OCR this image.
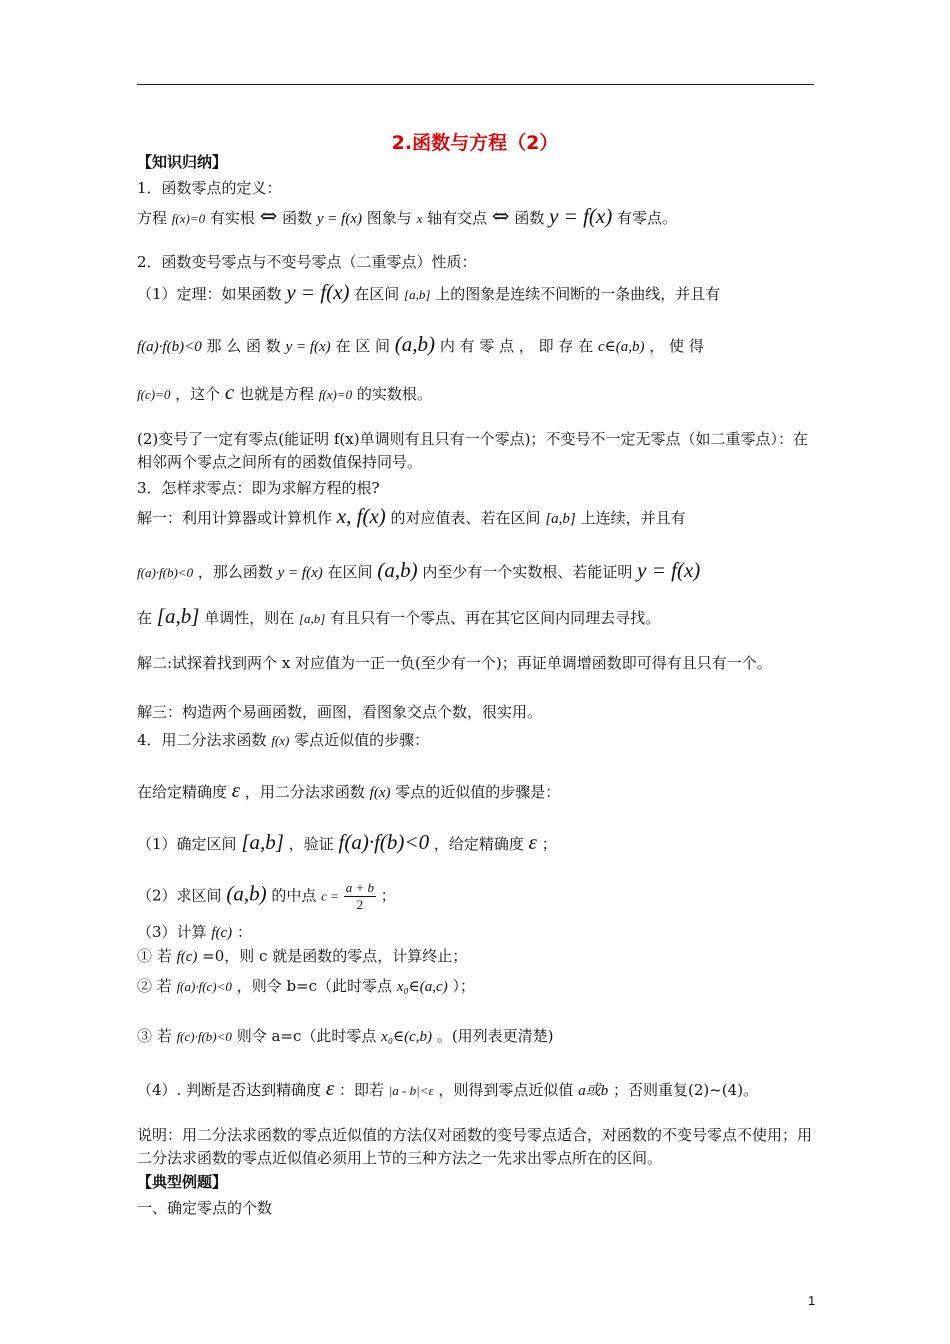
2.函数与方程（2）
【知识归纳】
1．函数零点的定义：
方程 f(x)=0 有实根 ⇔ 函数 y = f(x) 图象与 x 轴有交点 ⇔ 函数 y = f(x) 有零点。
2．函数变号零点与不变号零点（二重零点）性质：
（1）定理：如果函数 y = f(x) 在区间 [a,b] 上的图象是连续不间断的一条曲线，并且有
f(a)·f(b)<0 那 么 函 数 y = f(x) 在 区 间 (a,b) 内 有 零 点 ， 即 存 在 c∈(a,b) ， 使 得
f(c)=0 ，这个 c 也就是方程 f(x)=0 的实数根。
(2)变号了一定有零点(能证明 f(x)单调则有且只有一个零点)；不变号不一定无零点（如二重零点）：在相邻两个零点之间所有的函数值保持同号。
3．怎样求零点：即为求解方程的根?
解一：利用计算器或计算机作 x, f(x) 的对应值表、若在区间 [a,b] 上连续，并且有
f(a)·f(b)<0 ，那么函数 y = f(x) 在区间 (a,b) 内至少有一个实数根、若能证明 y = f(x)
在 [a,b] 单调性，则在 [a,b] 有且只有一个零点、再在其它区间内同理去寻找。
解二:试探着找到两个 x 对应值为一正一负(至少有一个)；再证单调增函数即可得有且只有一个。
解三：构造两个易画函数，画图，看图象交点个数，很实用。
4．用二分法求函数 f(x) 零点近似值的步骤：
在给定精确度 ε ，用二分法求函数 f(x) 零点的近似值的步骤是：
（1）确定区间 [a,b] ，验证 f(a)·f(b)<0 ，给定精确度 ε ；
（2）求区间 (a,b) 的中点 $c = \frac{a + b}{2}$ ；
（3）计算 f(c) ：
① 若 f(c) =0，则 c 就是函数的零点，计算终止；
② 若 f(a)·f(c)<0 ，则令 b=c（此时零点 x₀∈(a,c) ）；
③ 若 f(c)·f(b)<0 则令 a=c（此时零点 x₀∈(c,b) 。(用列表更清楚)
（4）. 判断是否达到精确度 ε ：即若 |a - b|<ε ，则得到零点近似值 a或b ；否则重复(2)~(4)。
说明：用二分法求函数的零点近似值的方法仅对函数的变号零点适合，对函数的不变号零点不使用；用二分法求函数的零点近似值必须用上节的三种方法之一先求出零点所在的区间。
【典型例题】
一、确定零点的个数
1
